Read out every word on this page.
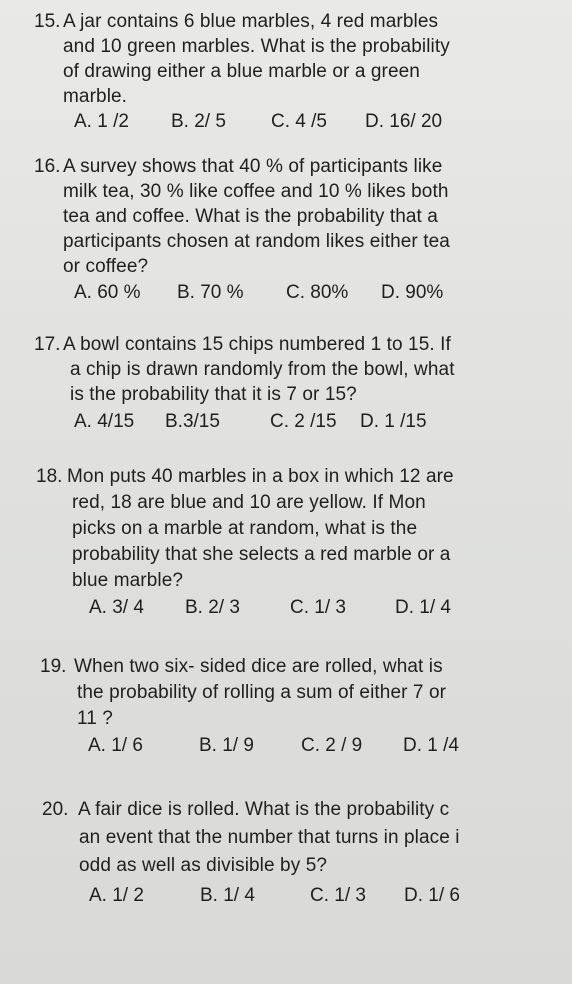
15. A jar contains 6 blue marbles, 4 red marbles
and 10 green marbles. What is the probability
of drawing either a blue marble or a green
marble.
A. 1 /2 B. 2/ 5 C. 4 /5 D. 16/ 20
16. A survey shows that 40 % of participants like
milk tea, 30 % like coffee and 10 % likes both
tea and coffee. What is the probability that a
participants chosen at random likes either tea
or coffee?
A. 60 % B. 70 % C. 80% D. 90%
17. A bowl contains 15 chips numbered 1 to 15. If
a chip is drawn randomly from the bowl, what
is the probability that it is 7 or 15?
A. 4/15 B.3/15	C. 2 /15 D. 1 /15
18. Mon puts 40 marbles in a box in which 12 are
red, 18 are blue and 10 are yellow. If Mon
picks on a marble at random, what is the
probability that she selects a red marble or a
blue marble?
A. 3/ 4 B. 2/ 3	C. 1/ 3	D. 1/ 4
19. When two six- sided dice are rolled, what is
the probability of rolling a sum of either 7 or
11 ?
A. 1/ 6	B. 1/ 9 C. 2 / 9 D. 1 /4
20. A fair dice is rolled. What is the probability c
an event that the number that turns in place i
odd as well as divisible by 5?
A. 1/ 2	B. 1/ 4	C. 1/ 3 D. 1/ 6
